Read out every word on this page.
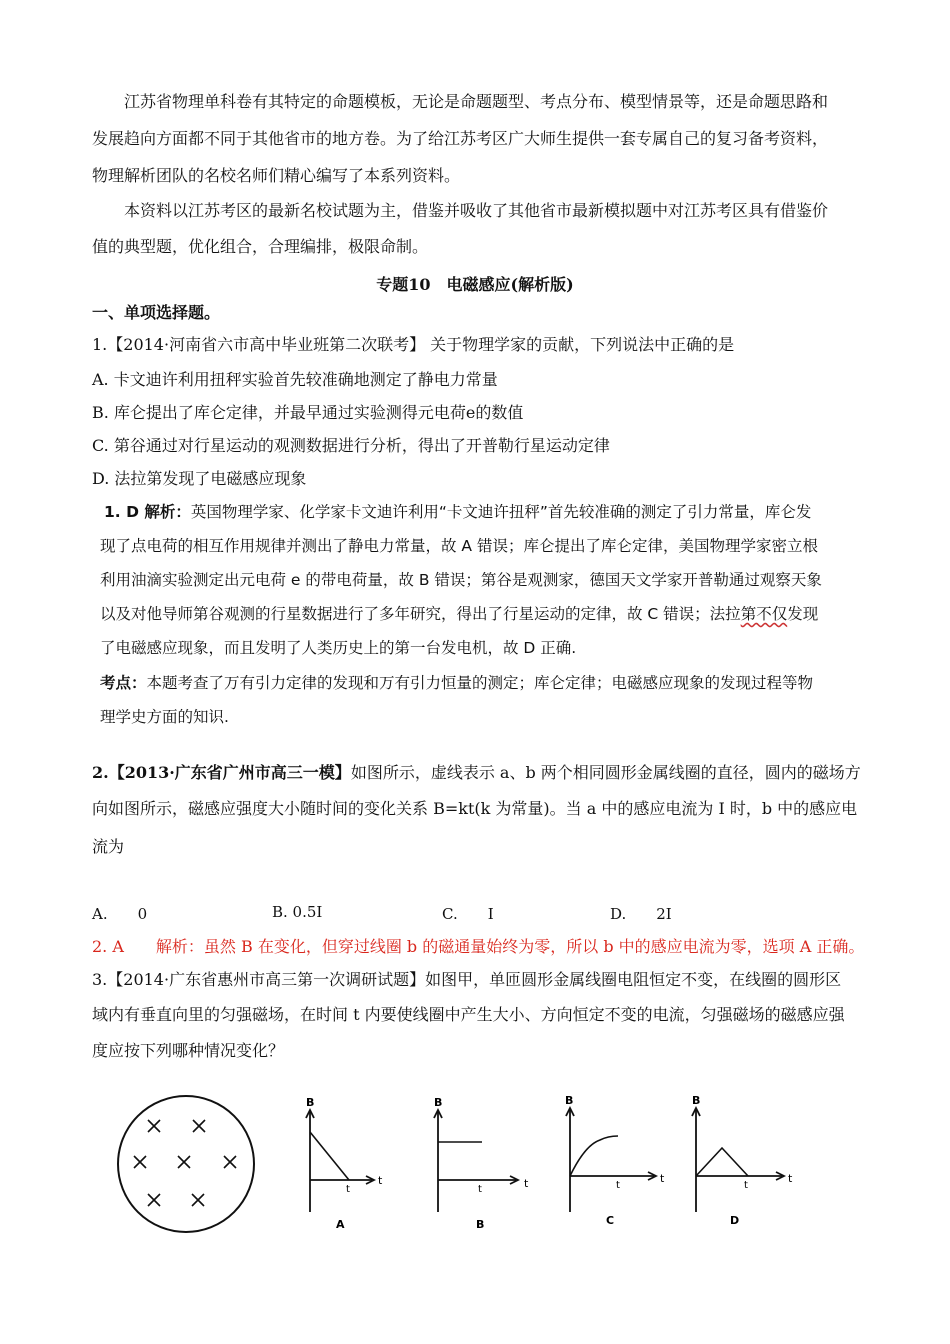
江苏省物理单科卷有其特定的命题模板，无论是命题题型、考点分布、模型情景等，还是命题思路和
发展趋向方面都不同于其他省市的地方卷。为了给江苏考区广大师生提供一套专属自己的复习备考资料，
物理解析团队的名校名师们精心编写了本系列资料。
本资料以江苏考区的最新名校试题为主，借鉴并吸收了其他省市最新模拟题中对江苏考区具有借鉴价
值的典型题，优化组合，合理编排，极限命制。
专题10　电磁感应(解析版)
一、单项选择题。
1.【2014·河南省六市高中毕业班第二次联考】 关于物理学家的贡献，下列说法中正确的是
A. 卡文迪许利用扭秤实验首先较准确地测定了静电力常量
B. 库仑提出了库仑定律，并最早通过实验测得元电荷e的数值
C. 第谷通过对行星运动的观测数据进行分析，得出了开普勒行星运动定律
D. 法拉第发现了电磁感应现象
1. D 解析：英国物理学家、化学家卡文迪许利用“卡文迪许扭秤”首先较准确的测定了引力常量，库仑发
现了点电荷的相互作用规律并测出了静电力常量，故 A 错误；库仑提出了库仑定律，美国物理学家密立根
利用油滴实验测定出元电荷 e 的带电荷量，故 B 错误；第谷是观测家，德国天文学家开普勒通过观察天象
以及对他导师第谷观测的行星数据进行了多年研究，得出了行星运动的定律，故 C 错误；法拉第不仅发现
了电磁感应现象，而且发明了人类历史上的第一台发电机，故 D 正确.
考点：本题考查了万有引力定律的发现和万有引力恒量的测定；库仑定律；电磁感应现象的发现过程等物
理学史方面的知识.
2.【2013·广东省广州市高三一模】如图所示，虚线表示 a、b 两个相同圆形金属线圈的直径，圆内的磁场方
向如图所示，磁感应强度大小随时间的变化关系 B=kt(k 为常量)。当 a 中的感应电流为 I 时，b 中的感应电
流为
A.　　0	B. 0.5I	C.　　I	D.　　2I
2. A　　解析：虽然 B 在变化，但穿过线圈 b 的磁通量始终为零，所以 b 中的感应电流为零，选项 A 正确。
3.【2014·广东省惠州市高三第一次调研试题】如图甲，单匝圆形金属线圈电阻恒定不变，在线圈的圆形区
域内有垂直向里的匀强磁场，在时间 t 内要使线圈中产生大小、方向恒定不变的电流，匀强磁场的磁感应强
度应按下列哪种情况变化？
B
t
t
A
B
t
t
B
B
t
t
C
B
t
t
D
